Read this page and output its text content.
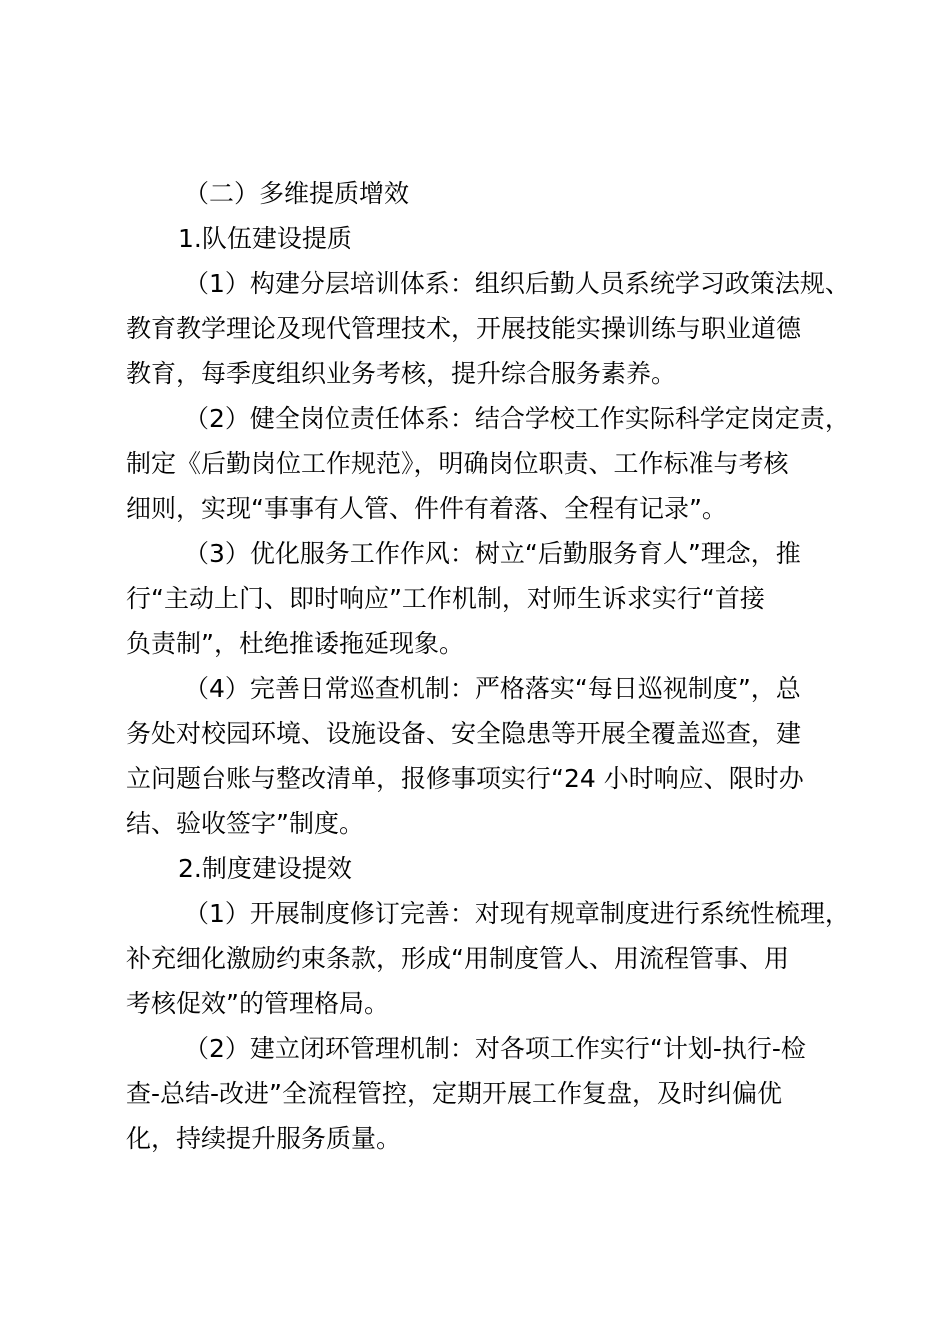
（二）多维提质增效
1.队伍建设提质
（1）构建分层培训体系：组织后勤人员系统学习政策法规、
教育教学理论及现代管理技术，开展技能实操训练与职业道德
教育，每季度组织业务考核，提升综合服务素养。
（2）健全岗位责任体系：结合学校工作实际科学定岗定责，
制定《后勤岗位工作规范》，明确岗位职责、工作标准与考核
细则，实现“事事有人管、件件有着落、全程有记录”。
（3）优化服务工作作风：树立“后勤服务育人”理念，推
行“主动上门、即时响应”工作机制，对师生诉求实行“首接
负责制”，杜绝推诿拖延现象。
（4）完善日常巡查机制：严格落实“每日巡视制度”，总
务处对校园环境、设施设备、安全隐患等开展全覆盖巡查，建
立问题台账与整改清单，报修事项实行“24 小时响应、限时办
结、验收签字”制度。
2.制度建设提效
（1）开展制度修订完善：对现有规章制度进行系统性梳理，
补充细化激励约束条款，形成“用制度管人、用流程管事、用
考核促效”的管理格局。
（2）建立闭环管理机制：对各项工作实行“计划-执行-检
查-总结-改进”全流程管控，定期开展工作复盘，及时纠偏优
化，持续提升服务质量。
